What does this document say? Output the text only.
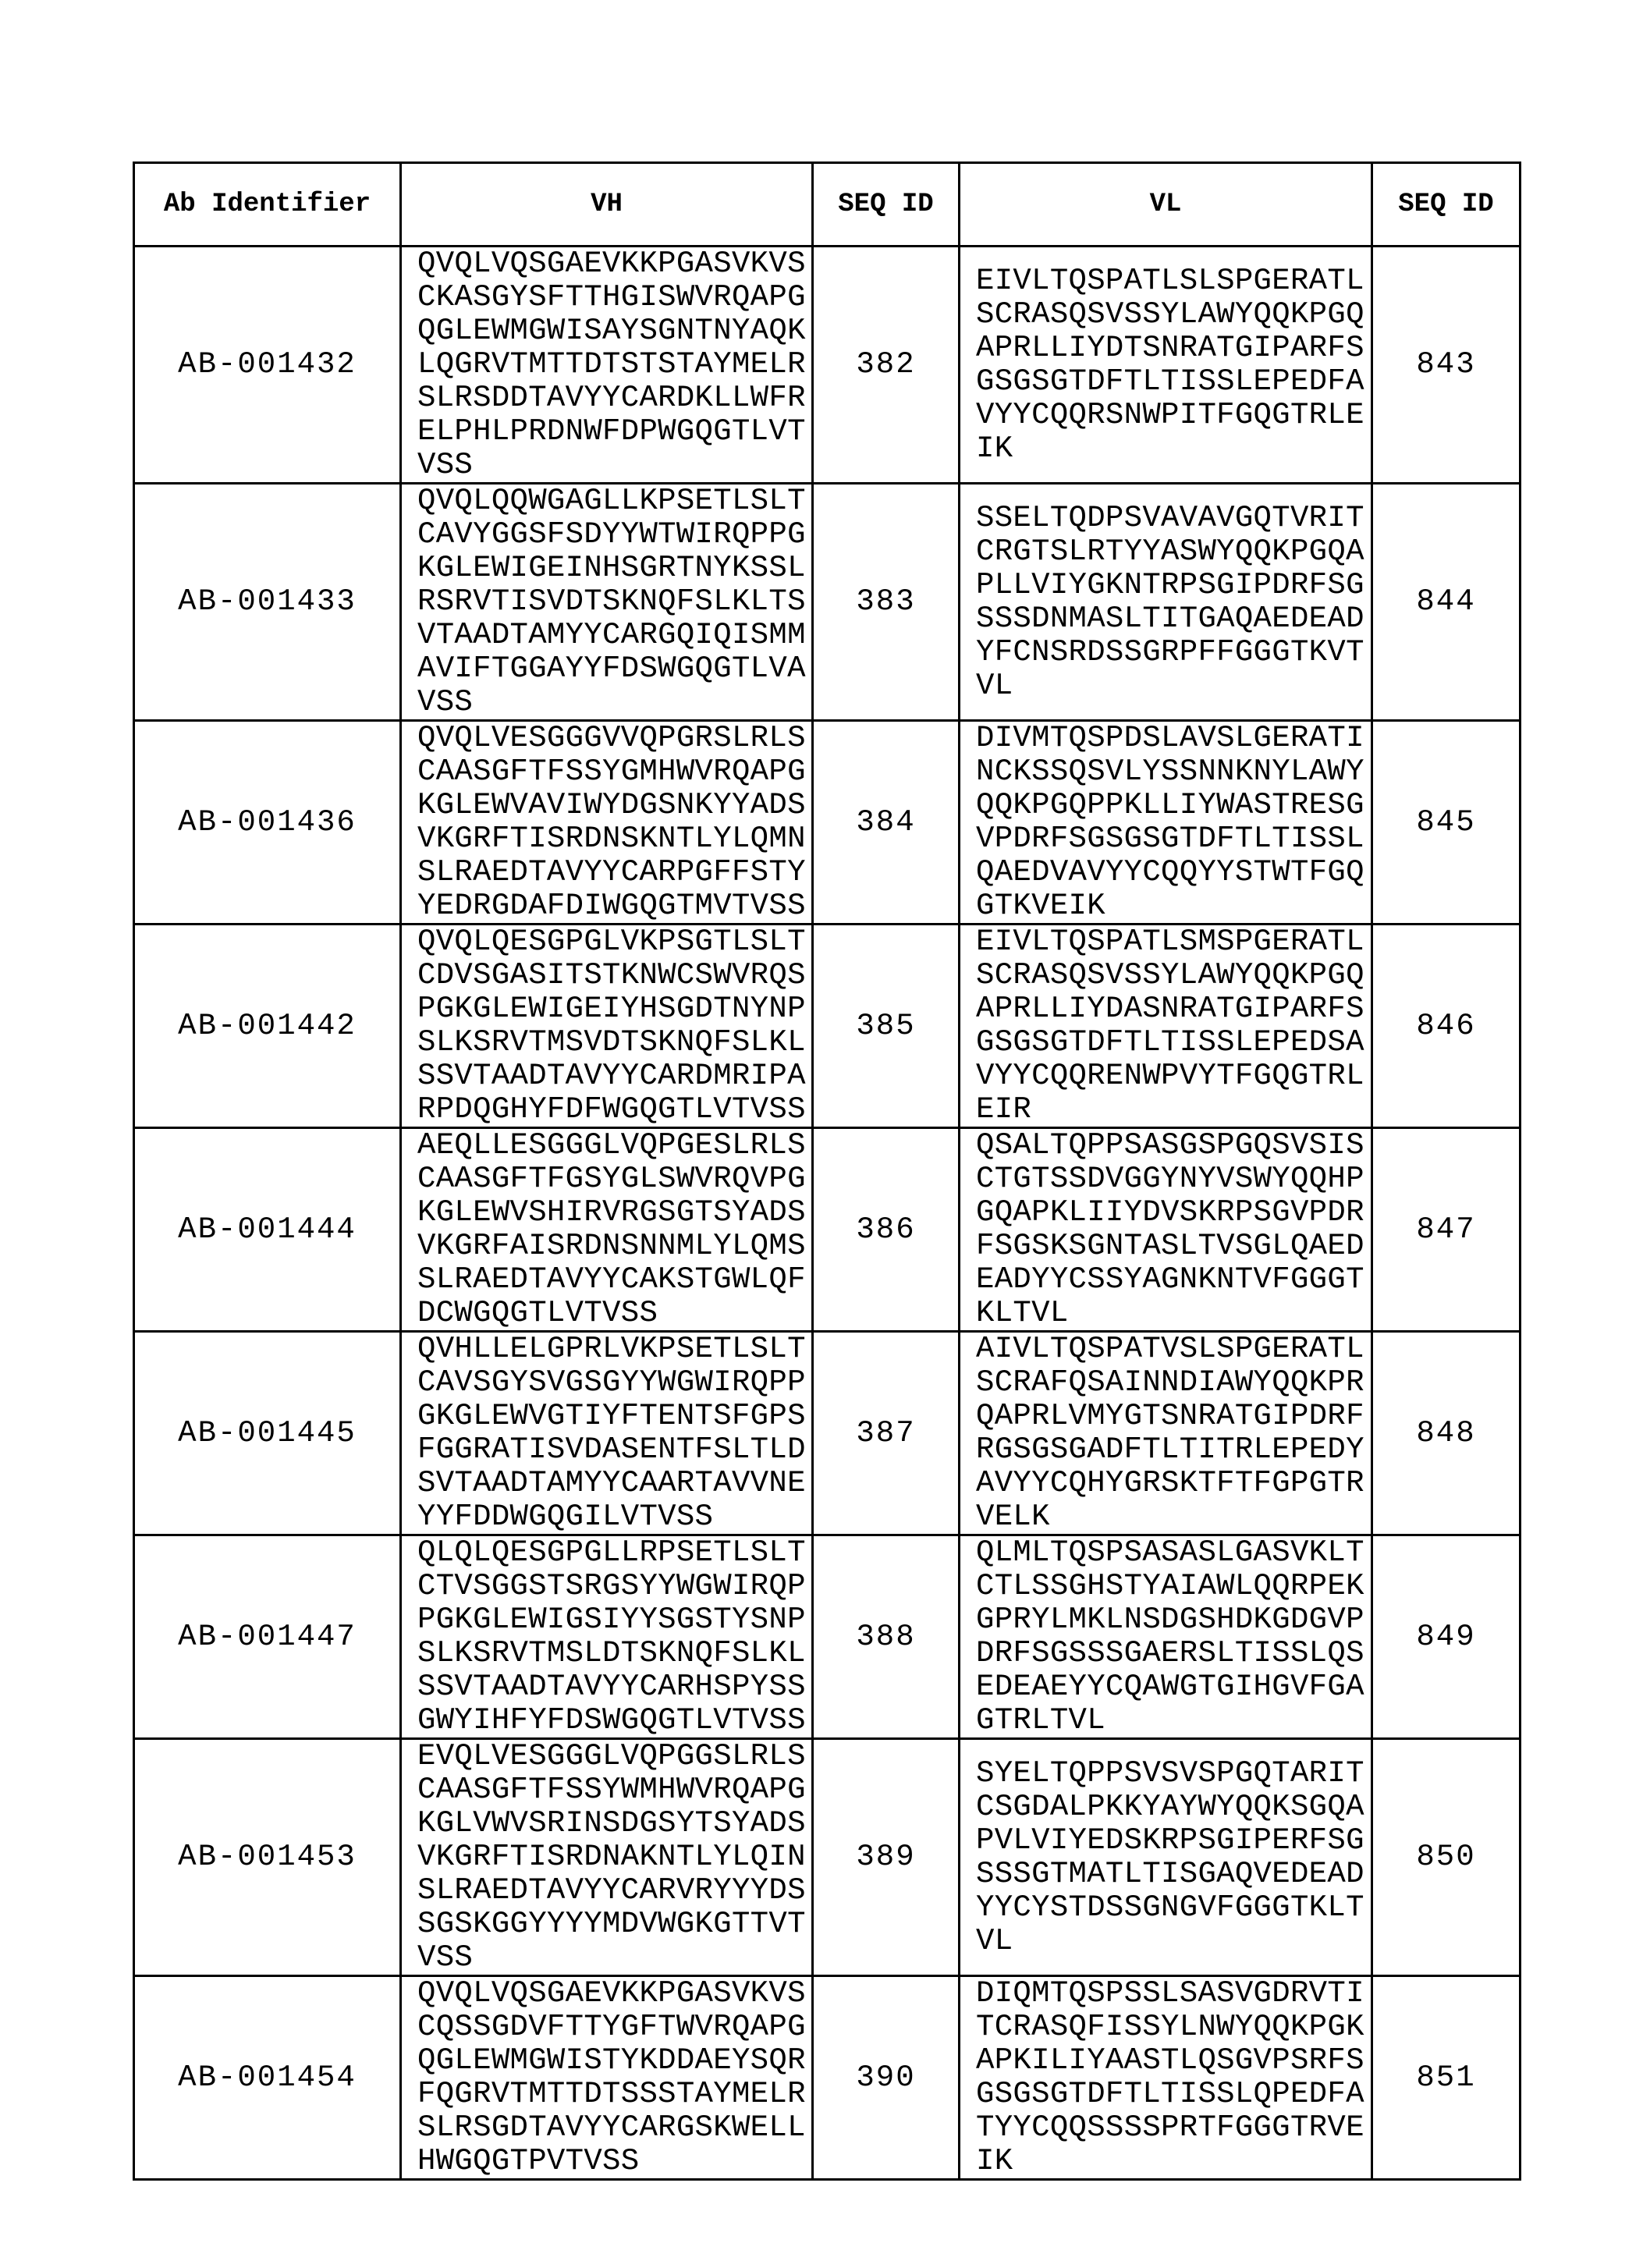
Ab Identifier	VH	SEQ ID	VL	SEQ ID
AB-001432	
QVQLVQSGAEVKKPGASVKVS
CKASGYSFTTHGISWVRQAPG
QGLEWMGWISAYSGNTNYAQK
LQGRVTMTTDTSTSTAYMELR
SLRSDDTAVYYCARDKLLWFR
ELPHLPRDNWFDPWGQGTLVT
VSS
	382	
EIVLTQSPATLSLSPGERATL
SCRASQSVSSYLAWYQQKPGQ
APRLLIYDTSNRATGIPARFS
GSGSGTDFTLTISSLEPEDFA
VYYCQQRSNWPITFGQGTRLE
IK
	843
AB-001433	
QVQLQQWGAGLLKPSETLSLT
CAVYGGSFSDYYWTWIRQPPG
KGLEWIGEINHSGRTNYKSSL
RSRVTISVDTSKNQFSLKLTS
VTAADTAMYYCARGQIQISMM
AVIFTGGAYYFDSWGQGTLVA
VSS
	383	
SSELTQDPSVAVAVGQTVRIT
CRGTSLRTYYASWYQQKPGQA
PLLVIYGKNTRPSGIPDRFSG
SSSDNMASLTITGAQAEDEAD
YFCNSRDSSGRPFFGGGTKVT
VL
	844
AB-001436	
QVQLVESGGGVVQPGRSLRLS
CAASGFTFSSYGMHWVRQAPG
KGLEWVAVIWYDGSNKYYADS
VKGRFTISRDNSKNTLYLQMN
SLRAEDTAVYYCARPGFFSTY
YEDRGDAFDIWGQGTMVTVSS
	384	
DIVMTQSPDSLAVSLGERATI
NCKSSQSVLYSSNNKNYLAWY
QQKPGQPPKLLIYWASTRESG
VPDRFSGSGSGTDFTLTISSL
QAEDVAVYYCQQYYSTWTFGQ
GTKVEIK
	845
AB-001442	
QVQLQESGPGLVKPSGTLSLT
CDVSGASITSTKNWCSWVRQS
PGKGLEWIGEIYHSGDTNYNP
SLKSRVTMSVDTSKNQFSLKL
SSVTAADTAVYYCARDMRIPA
RPDQGHYFDFWGQGTLVTVSS
	385	
EIVLTQSPATLSMSPGERATL
SCRASQSVSSYLAWYQQKPGQ
APRLLIYDASNRATGIPARFS
GSGSGTDFTLTISSLEPEDSA
VYYCQQRENWPVYTFGQGTRL
EIR
	846
AB-001444	
AEQLLESGGGLVQPGESLRLS
CAASGFTFGSYGLSWVRQVPG
KGLEWVSHIRVRGSGTSYADS
VKGRFAISRDNSNNMLYLQMS
SLRAEDTAVYYCAKSTGWLQF
DCWGQGTLVTVSS
	386	
QSALTQPPSASGSPGQSVSIS
CTGTSSDVGGYNYVSWYQQHP
GQAPKLIIYDVSKRPSGVPDR
FSGSKSGNTASLTVSGLQAED
EADYYCSSYAGNKNTVFGGGT
KLTVL
	847
AB-001445	
QVHLLELGPRLVKPSETLSLT
CAVSGYSVGSGYYWGWIRQPP
GKGLEWVGTIYFTENTSFGPS
FGGRATISVDASENTFSLTLD
SVTAADTAMYYCAARTAVVNE
YYFDDWGQGILVTVSS
	387	
AIVLTQSPATVSLSPGERATL
SCRAFQSAINNDIAWYQQKPR
QAPRLVMYGTSNRATGIPDRF
RGSGSGADFTLTITRLEPEDY
AVYYCQHYGRSKTFTFGPGTR
VELK
	848
AB-001447	
QLQLQESGPGLLRPSETLSLT
CTVSGGSTSRGSYYWGWIRQP
PGKGLEWIGSIYYSGSTYSNP
SLKSRVTMSLDTSKNQFSLKL
SSVTAADTAVYYCARHSPYSS
GWYIHFYFDSWGQGTLVTVSS
	388	
QLMLTQSPSASASLGASVKLT
CTLSSGHSTYAIAWLQQRPEK
GPRYLMKLNSDGSHDKGDGVP
DRFSGSSSGAERSLTISSLQS
EDEAEYYCQAWGTGIHGVFGA
GTRLTVL
	849
AB-001453	
EVQLVESGGGLVQPGGSLRLS
CAASGFTFSSYWMHWVRQAPG
KGLVWVSRINSDGSYTSYADS
VKGRFTISRDNAKNTLYLQIN
SLRAEDTAVYYCARVRYYYDS
SGSKGGYYYYMDVWGKGTTVT
VSS
	389	
SYELTQPPSVSVSPGQTARIT
CSGDALPKKYAYWYQQKSGQA
PVLVIYEDSKRPSGIPERFSG
SSSGTMATLTISGAQVEDEAD
YYCYSTDSSGNGVFGGGTKLT
VL
	850
AB-001454	
QVQLVQSGAEVKKPGASVKVS
CQSSGDVFTTYGFTWVRQAPG
QGLEWMGWISTYKDDAEYSQR
FQGRVTMTTDTSSSTAYMELR
SLRSGDTAVYYCARGSKWELL
HWGQGTPVTVSS
	390	
DIQMTQSPSSLSASVGDRVTI
TCRASQFISSYLNWYQQKPGK
APKILIYAASTLQSGVPSRFS
GSGSGTDFTLTISSLQPEDFA
TYYCQQSSSSPRTFGGGTRVE
IK
	851
